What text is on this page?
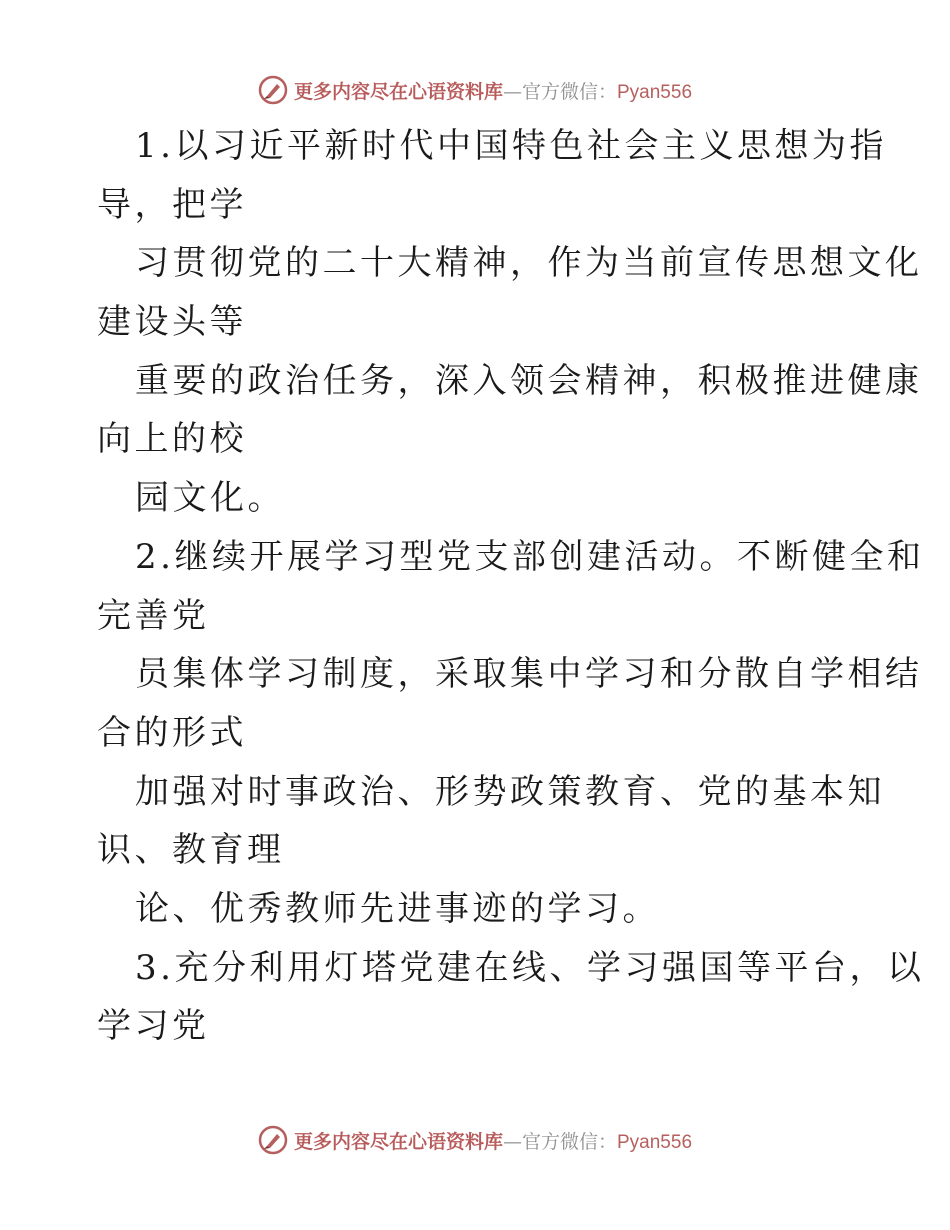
更多内容尽在心语资料库—官方微信：Pyan556
1.以习近平新时代中国特色社会主义思想为指
导，把学
习贯彻党的二十大精神，作为当前宣传思想文化
建设头等
重要的政治任务，深入领会精神，积极推进健康
向上的校
园文化。
2.继续开展学习型党支部创建活动。不断健全和
完善党
员集体学习制度，采取集中学习和分散自学相结
合的形式
加强对时事政治、形势政策教育、党的基本知
识、教育理
论、优秀教师先进事迹的学习。
3.充分利用灯塔党建在线、学习强国等平台，以
学习党
更多内容尽在心语资料库—官方微信：Pyan556
